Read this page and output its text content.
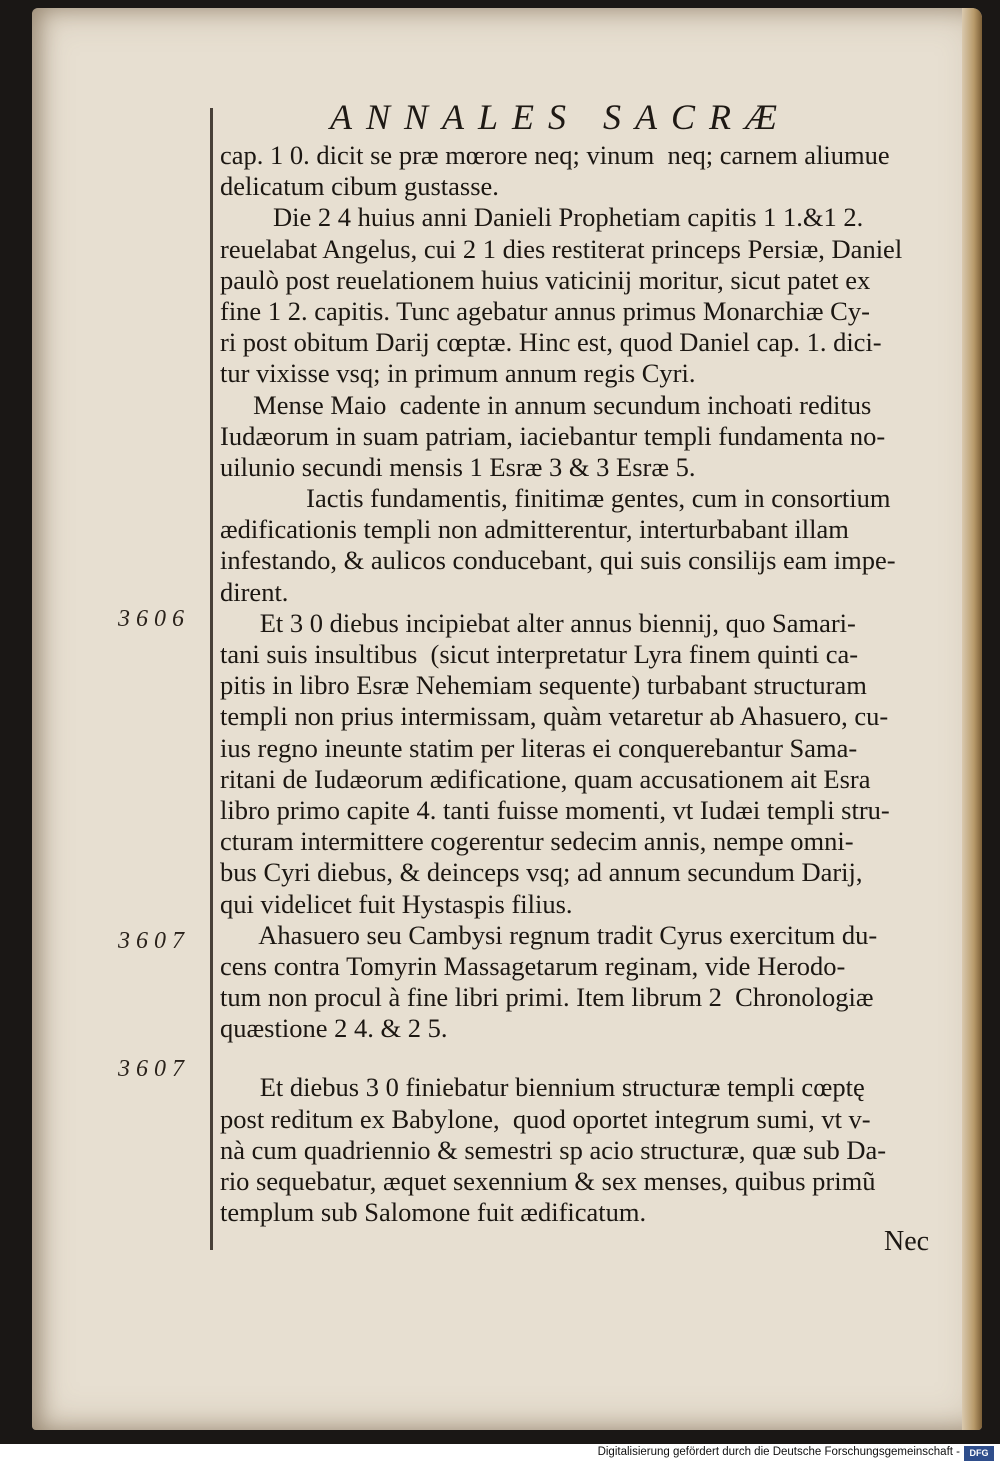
ANNALES SACRÆ
3606
3607
3607
cap. 1 0. dicit se præ mœrore neq; vinum  neq; carnem aliumue
delicatum cibum gustasse.
Die 2 4 huius anni Danieli Prophetiam capitis 1 1.&1 2.
reuelabat Angelus, cui 2 1 dies restiterat princeps Persiæ, Daniel
paulò post reuelationem huius vaticinij moritur, sicut patet ex
fine 1 2. capitis. Tunc agebatur annus primus Monarchiæ Cy-
ri post obitum Darij cœptæ. Hinc est, quod Daniel cap. 1. dici-
tur vixisse vsq; in primum annum regis Cyri.
Mense Maio  cadente in annum secundum inchoati reditus
Iudæorum in suam patriam, iaciebantur templi fundamenta no-
uilunio secundi mensis 1 Esræ 3 & 3 Esræ 5.
Iactis fundamentis, finitimæ gentes, cum in consortium
ædificationis templi non admitterentur, interturbabant illam
infestando, & aulicos conducebant, qui suis consilijs eam impe-
dirent.
Et 3 0 diebus incipiebat alter annus biennij, quo Samari-
tani suis insultibus  (sicut interpretatur Lyra finem quinti ca-
pitis in libro Esræ Nehemiam sequente) turbabant structuram
templi non prius intermissam, quàm vetaretur ab Ahasuero, cu-
ius regno ineunte statim per literas ei conquerebantur Sama-
ritani de Iudæorum ædificatione, quam accusationem ait Esra
libro primo capite 4. tanti fuisse momenti, vt Iudæi templi stru-
cturam intermittere cogerentur sedecim annis, nempe omni-
bus Cyri diebus, & deinceps vsq; ad annum secundum Darij,
qui videlicet fuit Hystaspis filius.
Ahasuero seu Cambysi regnum tradit Cyrus exercitum du-
cens contra Tomyrin Massagetarum reginam, vide Herodo-
tum non procul à fine libri primi. Item librum 2  Chronologiæ
quæstione 2 4. & 2 5.
Et diebus 3 0 finiebatur biennium structuræ templi cœptę
post reditum ex Babylone,  quod oportet integrum sumi, vt v-
nà cum quadriennio & semestri sp acio structuræ, quæ sub Da-
rio sequebatur, æquet sexennium & sex menses, quibus primũ
templum sub Salomone fuit ædificatum.
Nec
Digitalisierung gefördert durch die Deutsche Forschungsgemeinschaft -	DFG
